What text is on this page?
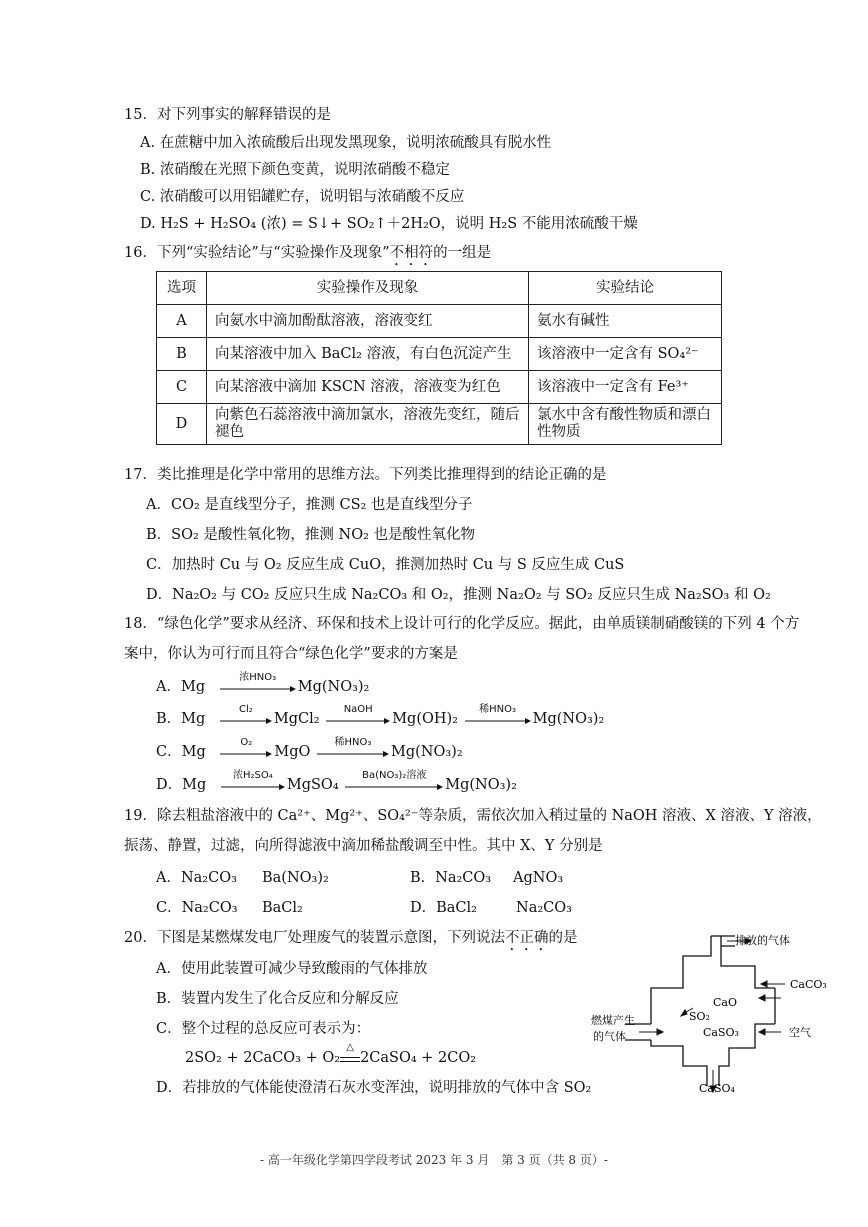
15．对下列事实的解释错误的是
A. 在蔗糖中加入浓硫酸后出现发黑现象，说明浓硫酸具有脱水性
B. 浓硝酸在光照下颜色变黄，说明浓硝酸不稳定
C. 浓硝酸可以用铝罐贮存，说明铝与浓硝酸不反应
D. H₂S + H₂SO₄ (浓) = S↓+ SO₂↑＋2H₂O，说明 H₂S 不能用浓硫酸干燥
16．下列“实验结论”与“实验操作及现象”不相符的一组是
选项	实验操作及现象	实验结论
A	向氨水中滴加酚酞溶液，溶液变红	氨水有碱性
B	向某溶液中加入 BaCl₂ 溶液，有白色沉淀产生	该溶液中一定含有 SO₄²⁻
C	向某溶液中滴加 KSCN 溶液，溶液变为红色	该溶液中一定含有 Fe³⁺
D	向紫色石蕊溶液中滴加氯水，溶液先变红，随后褪色	氯水中含有酸性物质和漂白性物质
17．类比推理是化学中常用的思维方法。下列类比推理得到的结论正确的是
A．CO₂ 是直线型分子，推测 CS₂ 也是直线型分子
B．SO₂ 是酸性氧化物，推测 NO₂ 也是酸性氧化物
C．加热时 Cu 与 O₂ 反应生成 CuO，推测加热时 Cu 与 S 反应生成 CuS
D．Na₂O₂ 与 CO₂ 反应只生成 Na₂CO₃ 和 O₂，推测 Na₂O₂ 与 SO₂ 反应只生成 Na₂SO₃ 和 O₂
18．“绿色化学”要求从经济、环保和技术上设计可行的化学反应。据此，由单质镁制硝酸镁的下列 4 个方
案中，你认为可行而且符合“绿色化学”要求的方案是
A．Mg
浓HNO₃
Mg(NO₃)₂
B．Mg
Cl₂
MgCl₂
NaOH
Mg(OH)₂
稀HNO₃
Mg(NO₃)₂
C．Mg
O₂
MgO
稀HNO₃
Mg(NO₃)₂
D．Mg
浓H₂SO₄
MgSO₄
Ba(NO₃)₂溶液
Mg(NO₃)₂
19．除去粗盐溶液中的 Ca²⁺、Mg²⁺、SO₄²⁻等杂质，需依次加入稍过量的 NaOH 溶液、X 溶液、Y 溶液，
振荡、静置，过滤，向所得滤液中滴加稀盐酸调至中性。其中 X、Y 分别是
A．Na₂CO₃ Ba(NO₃)₂	B．Na₂CO₃ AgNO₃
C．Na₂CO₃ BaCl₂	D．BaCl₂	Na₂CO₃
20．下图是某燃煤发电厂处理废气的装置示意图，下列说法不正确的是
A．使用此装置可减少导致酸雨的气体排放
B．装置内发生了化合反应和分解反应
C．整个过程的总反应可表示为：
2SO₂ + 2CaCO₃ + O₂
△
2CaSO₄ + 2CO₂
D．若排放的气体能使澄清石灰水变浑浊，说明排放的气体中含 SO₂
排放的气体
CaCO₃
CaO
SO₂
CaSO₃	空气
燃煤产生
的气体
CaSO₄
- 高一年级化学第四学段考试 2023 年 3 月　第 3 页（共 8 页）-
